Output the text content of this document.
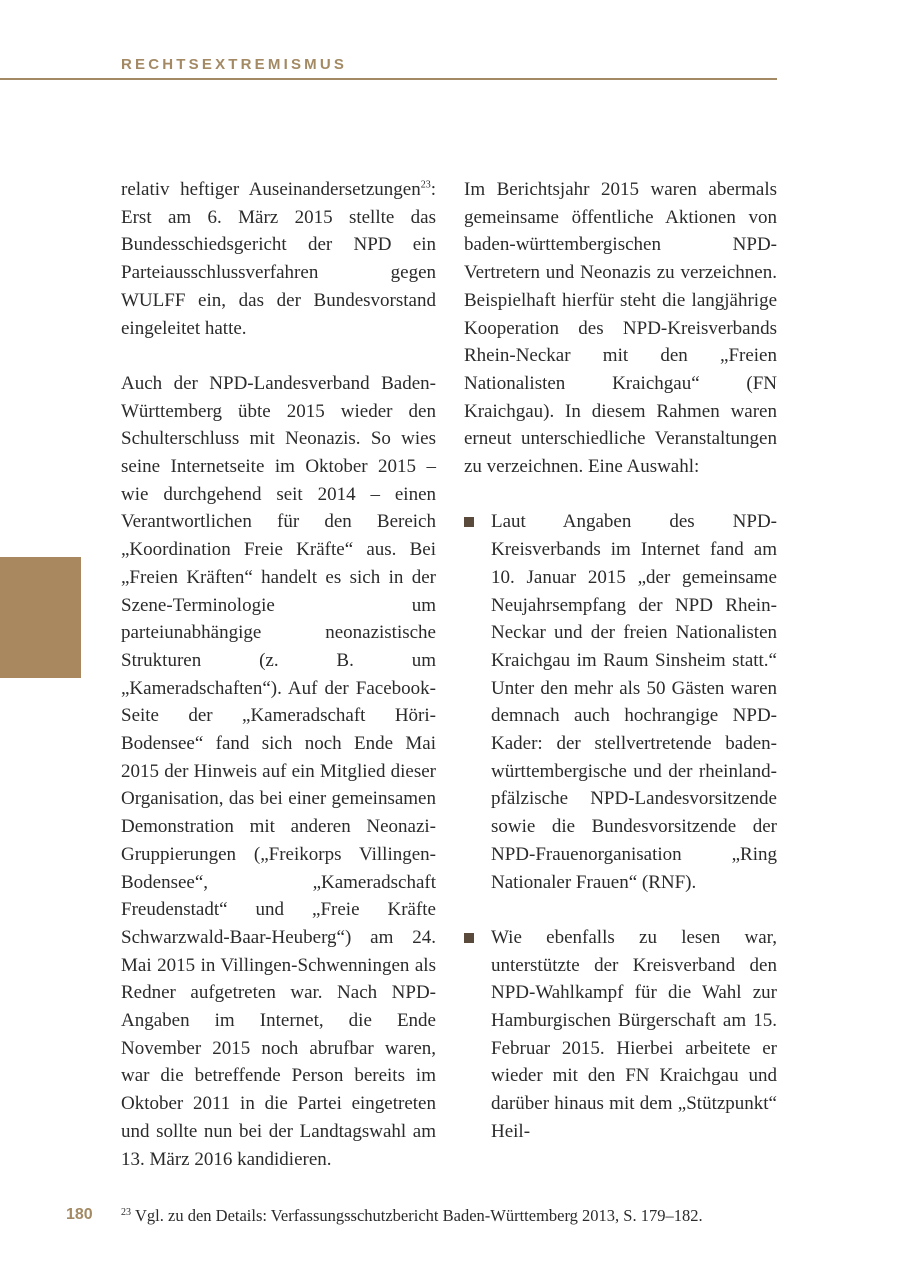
RECHTSEXTREMISMUS

relativ heftiger Auseinandersetzungen$^{23}$: Erst am 6. März 2015 stellte das Bundesschiedsgericht der NPD ein Parteiausschlussverfahren gegen WULFF ein, das der Bundesvorstand eingeleitet hatte.

Auch der NPD-Landesverband Baden-Württemberg übte 2015 wieder den Schulterschluss mit Neonazis. So wies seine Internetseite im Oktober 2015 – wie durchgehend seit 2014 – einen Verantwortlichen für den Bereich „Koordination Freie Kräfte“ aus. Bei „Freien Kräften“ handelt es sich in der Szene-Terminologie um parteiunabhängige neonazistische Strukturen (z. B. um „Kameradschaften“). Auf der Facebook-Seite der „Kameradschaft Höri-Bodensee“ fand sich noch Ende Mai 2015 der Hinweis auf ein Mitglied dieser Organisation, das bei einer gemeinsamen Demonstration mit anderen Neonazi-Gruppierungen („Freikorps Villingen-Bodensee“, „Kameradschaft Freudenstadt“ und „Freie Kräfte Schwarzwald-Baar-Heuberg“) am 24. Mai 2015 in Villingen-Schwenningen als Redner aufgetreten war. Nach NPD-Angaben im Internet, die Ende November 2015 noch abrufbar waren, war die betreffende Person bereits im Oktober 2011 in die Partei eingetreten und sollte nun bei der Landtagswahl am 13. März 2016 kandidieren.

Im Berichtsjahr 2015 waren abermals gemeinsame öffentliche Aktionen von baden-württembergischen NPD-Vertretern und Neonazis zu verzeichnen. Beispielhaft hierfür steht die langjährige Kooperation des NPD-Kreisverbands Rhein-Neckar mit den „Freien Nationalisten Kraichgau“ (FN Kraichgau). In diesem Rahmen waren erneut unterschiedliche Veranstaltungen zu verzeichnen. Eine Auswahl:

Laut Angaben des NPD-Kreisverbands im Internet fand am 10. Januar 2015 „der gemeinsame Neujahrsempfang der NPD Rhein-Neckar und der freien Nationalisten Kraichgau im Raum Sinsheim statt.“ Unter den mehr als 50 Gästen waren demnach auch hochrangige NPD-Kader: der stellvertretende baden-württembergische und der rheinland-pfälzische NPD-Landesvorsitzende sowie die Bundesvorsitzende der NPD-Frauenorganisation „Ring Nationaler Frauen“ (RNF).

Wie ebenfalls zu lesen war, unterstützte der Kreisverband den NPD-Wahlkampf für die Wahl zur Hamburgischen Bürgerschaft am 15. Februar 2015. Hierbei arbeitete er wieder mit den FN Kraichgau und darüber hinaus mit dem „Stützpunkt“ Heil-

180	$^{23}$ Vgl. zu den Details: Verfassungsschutzbericht Baden-Württemberg 2013, S. 179–182.
